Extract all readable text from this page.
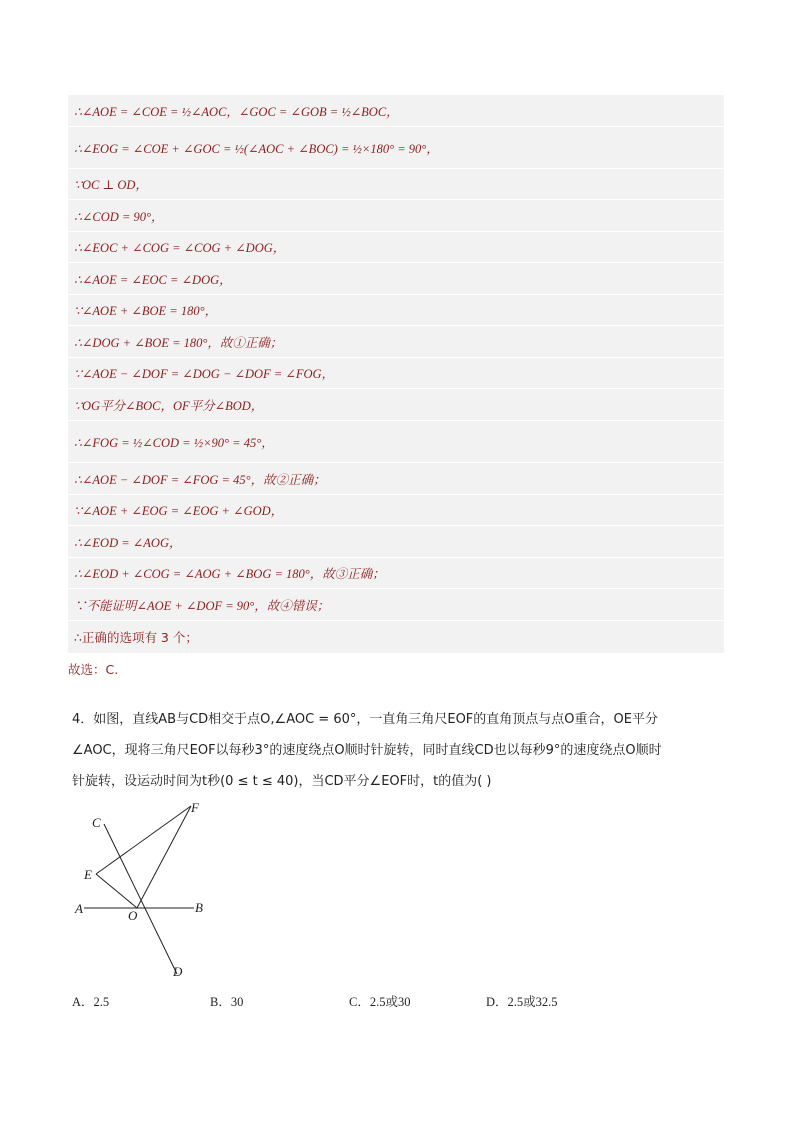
∴∠AOE = ∠COE = ½∠AOC，∠GOC = ∠GOB = ½∠BOC，
∴∠EOG = ∠COE + ∠GOC = ½(∠AOC + ∠BOC) = ½×180° = 90°，
∵OC ⊥ OD，
∴∠COD = 90°，
∴∠EOC + ∠COG = ∠COG + ∠DOG，
∴∠AOE = ∠EOC = ∠DOG，
∵∠AOE + ∠BOE = 180°，
∴∠DOG + ∠BOE = 180°，故①正确；
∵∠AOE − ∠DOF = ∠DOG − ∠DOF = ∠FOG，
∵OG平分∠BOC，OF平分∠BOD，
∴∠FOG = ½∠COD = ½×90° = 45°，
∴∠AOE − ∠DOF = ∠FOG = 45°，故②正确；
∵∠AOE + ∠EOG = ∠EOG + ∠GOD，
∴∠EOD = ∠AOG，
∴∠EOD + ∠COG = ∠AOG + ∠BOG = 180°，故③正确；
∵不能证明∠AOE + ∠DOF = 90°，故④错误；
∴正确的选项有 3 个；
故选：C.
4．如图，直线AB与CD相交于点O,∠AOC = 60°，一直角三角尺EOF的直角顶点与点O重合，OE平分
∠AOC，现将三角尺EOF以每秒3°的速度绕点O顺时针旋转，同时直线CD也以每秒9°的速度绕点O顺时
针旋转，设运动时间为t秒(0 ≤ t ≤ 40)，当CD平分∠EOF时，t的值为( )
C
F
E
A	O
B
D
A．2.5	B．30	C．2.5或30	D．2.5或32.5
